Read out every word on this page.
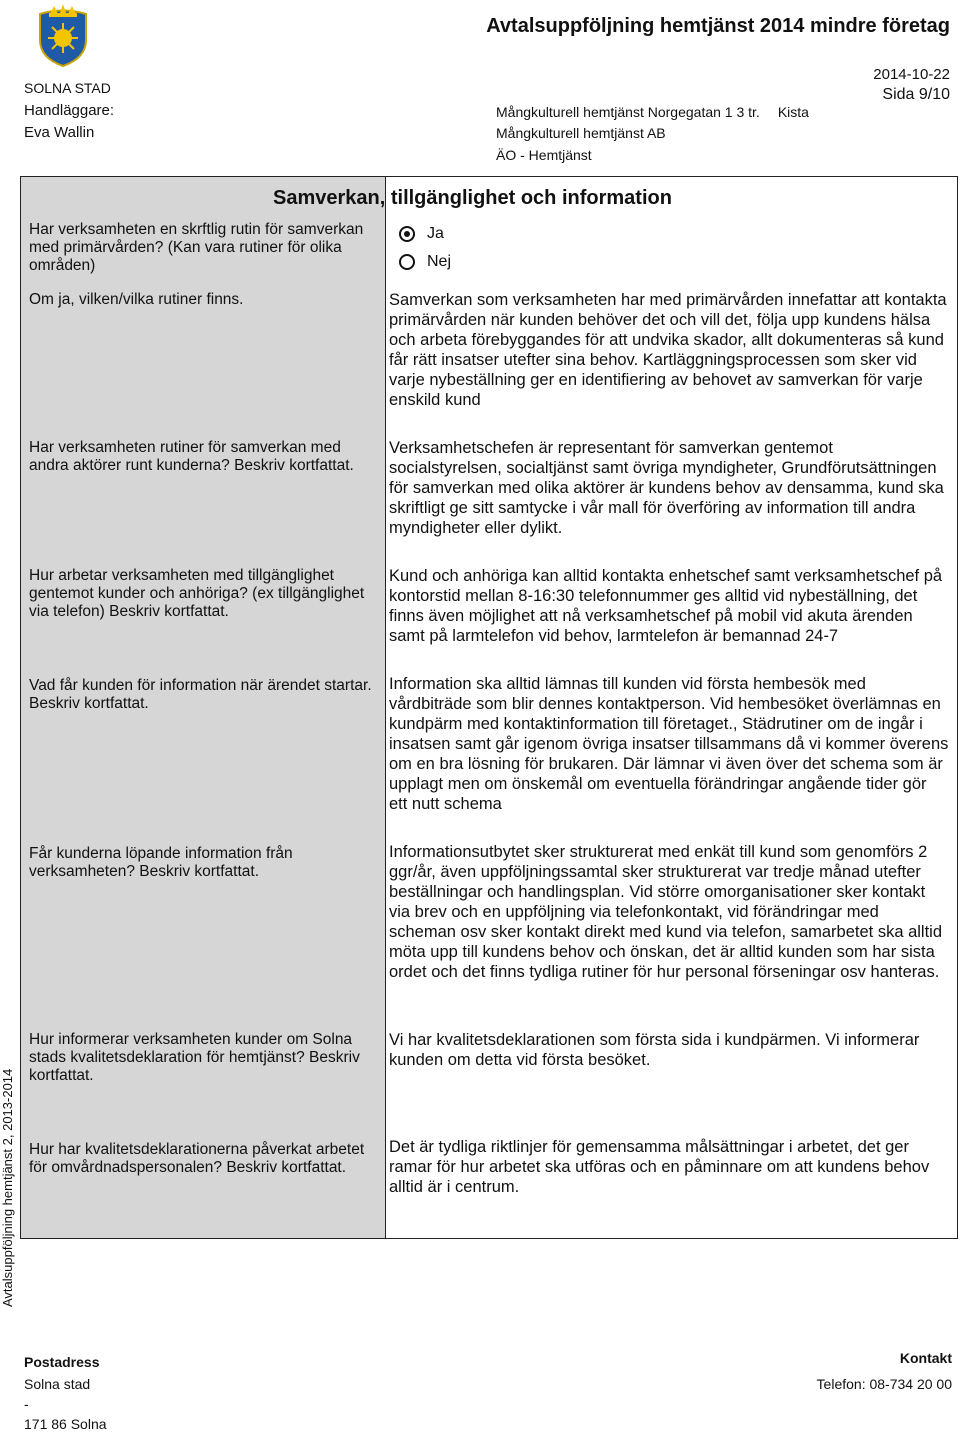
SOLNA STAD
Handläggare:
Eva Wallin
Mångkulturell hemtjänst Norgegatan 1 3 tr. Kista
Mångkulturell hemtjänst AB
ÄO - Hemtjänst
Avtalsuppföljning hemtjänst 2014 mindre företag
2014-10-22
Sida 9/10
Avtalsuppföljning hemtjänst 2, 2013-2014
Samverkan, tillgänglighet och information
Ja
Nej
Har verksamheten en skrftlig rutin för samverkan med primärvården? (Kan vara rutiner för olika områden)
Om ja, vilken/vilka rutiner finns.
Har verksamheten rutiner för samverkan med andra aktörer runt kunderna? Beskriv kortfattat.
Hur arbetar verksamheten med tillgänglighet gentemot kunder och anhöriga? (ex tillgänglighet via telefon) Beskriv kortfattat.
Vad får kunden för information när ärendet startar. Beskriv kortfattat.
Får kunderna löpande information från verksamheten? Beskriv kortfattat.
Hur informerar verksamheten kunder om Solna stads kvalitetsdeklaration för hemtjänst? Beskriv kortfattat.
Hur har kvalitetsdeklarationerna påverkat arbetet för omvårdnadspersonalen? Beskriv kortfattat.
Samverkan som verksamheten har med primärvården innefattar att kontakta primärvården när kunden behöver det och vill det, följa upp kundens hälsa och arbeta förebyggandes för att undvika skador, allt dokumenteras så kund får rätt insatser utefter sina behov. Kartläggningsprocessen som sker vid varje nybeställning ger en identifiering av behovet av samverkan för varje enskild kund
Verksamhetschefen är representant för samverkan gentemot socialstyrelsen, socialtjänst samt övriga myndigheter, Grundförutsättningen för samverkan med olika aktörer är kundens behov av densamma, kund ska skriftligt ge sitt samtycke i vår mall för överföring av information till andra myndigheter eller dylikt.
Kund och anhöriga kan alltid kontakta enhetschef samt verksamhetschef på kontorstid mellan 8-16:30 telefonnummer ges alltid vid nybeställning, det finns även möjlighet att nå verksamhetschef på mobil vid akuta ärenden samt på larmtelefon vid behov, larmtelefon är bemannad 24-7
Information ska alltid lämnas till kunden vid första hembesök med vårdbiträde som blir dennes kontaktperson. Vid hembesöket överlämnas en kundpärm med kontaktinformation till företaget., Städrutiner om de ingår i insatsen samt går igenom övriga insatser tillsammans då vi kommer överens om en bra lösning för brukaren. Där lämnar vi även över det schema som är upplagt men om önskemål om eventuella förändringar angående tider gör ett nutt schema
Informationsutbytet sker strukturerat med enkät till kund som genomförs 2 ggr/år, även uppföljningssamtal sker strukturerat var tredje månad utefter beställningar och handlingsplan. Vid större omorganisationer sker kontakt via brev och en uppföljning via telefonkontakt, vid förändringar med scheman osv sker kontakt direkt med kund via telefon, samarbetet ska alltid möta upp till kundens behov och önskan, det är alltid kunden som har sista ordet och det finns tydliga rutiner för hur personal förseningar osv hanteras.
Vi har kvalitetsdeklarationen som första sida i kundpärmen. Vi informerar kunden om detta vid första besöket.
Det är tydliga riktlinjer för gemensamma målsättningar i arbetet, det ger ramar för hur arbetet ska utföras och en påminnare om att kundens behov alltid är i centrum.
Postadress
Solna stad
-
171 86 Solna
Kontakt
Telefon: 08-734 20 00
